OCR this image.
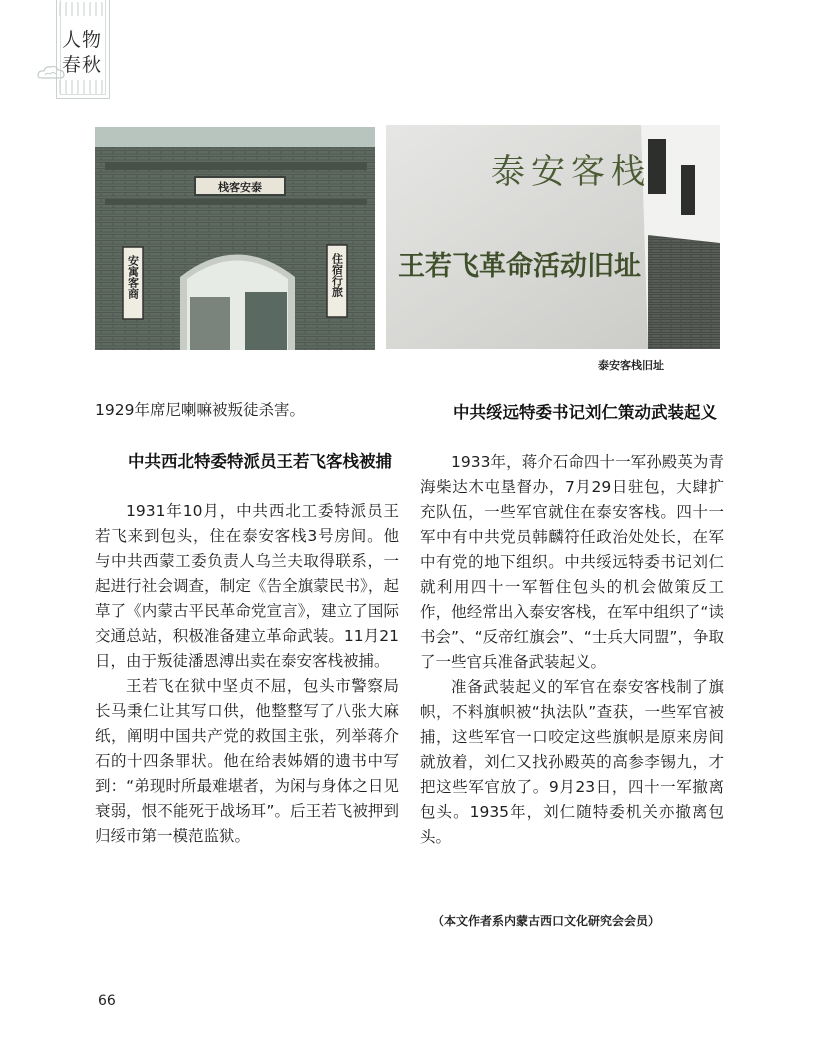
人物
春秋
栈客安泰
安寓客商	住宿行旅
泰安客栈
王若飞革命活动旧址
泰安客栈旧址

1929年席尼喇嘛被叛徒杀害。

中共西北特委特派员王若飞客栈被捕

1931年10月，中共西北工委特派员王若飞来到包头，住在泰安客栈3号房间。他与中共西蒙工委负责人乌兰夫取得联系，一起进行社会调查，制定《告全旗蒙民书》，起草了《内蒙古平民革命党宣言》，建立了国际交通总站，积极准备建立革命武装。11月21日，由于叛徒潘恩溥出卖在泰安客栈被捕。

王若飞在狱中坚贞不屈，包头市警察局长马秉仁让其写口供，他整整写了八张大麻纸，阐明中国共产党的救国主张，列举蒋介石的十四条罪状。他在给表姊婿的遗书中写到：“弟现时所最难堪者，为闲与身体之日见衰弱，恨不能死于战场耳”。后王若飞被押到归绥市第一模范监狱。

中共绥远特委书记刘仁策动武装起义

1933年，蒋介石命四十一军孙殿英为青海柴达木屯垦督办，7月29日驻包，大肆扩充队伍，一些军官就住在泰安客栈。四十一军中有中共党员韩麟符任政治处处长，在军中有党的地下组织。中共绥远特委书记刘仁就利用四十一军暂住包头的机会做策反工作，他经常出入泰安客栈，在军中组织了“读书会”、“反帝红旗会”、“士兵大同盟”，争取了一些官兵准备武装起义。

准备武装起义的军官在泰安客栈制了旗帜，不料旗帜被“执法队”查获，一些军官被捕，这些军官一口咬定这些旗帜是原来房间就放着，刘仁又找孙殿英的高参李锡九，才把这些军官放了。9月23日，四十一军撤离包头。1935年，刘仁随特委机关亦撤离包头。

（本文作者系内蒙古西口文化研究会会员）
66
